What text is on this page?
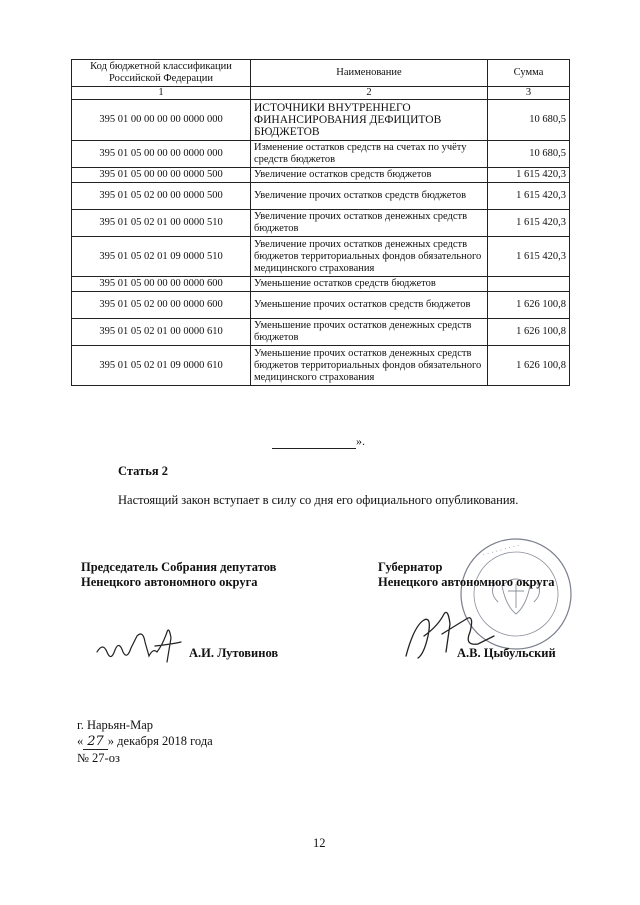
Код бюджетной классификации Российской Федерации	Наименование	Сумма
1	2	3
395 01 00 00 00 00 0000 000	ИСТОЧНИКИ ВНУТРЕННЕГО ФИНАНСИРОВАНИЯ ДЕФИЦИТОВ БЮДЖЕТОВ	10 680,5
395 01 05 00 00 00 0000 000	Изменение остатков средств на счетах по учёту средств бюджетов	10 680,5
395 01 05 00 00 00 0000 500	Увеличение остатков средств бюджетов	1 615 420,3
395 01 05 02 00 00 0000 500	Увеличение прочих остатков средств бюджетов	1 615 420,3
395 01 05 02 01 00 0000 510	Увеличение прочих остатков денежных средств бюджетов	1 615 420,3
395 01 05 02 01 09 0000 510	Увеличение прочих остатков денежных средств бюджетов территориальных фондов обязательного медицинского страхования	1 615 420,3
395 01 05 00 00 00 0000 600	Уменьшение остатков средств бюджетов	
395 01 05 02 00 00 0000 600	Уменьшение прочих остатков средств бюджетов	1 626 100,8
395 01 05 02 01 00 0000 610	Уменьшение прочих остатков денежных средств бюджетов	1 626 100,8
395 01 05 02 01 09 0000 610	Уменьшение прочих остатков денежных средств бюджетов территориальных фондов обязательного медицинского страхования	1 626 100,8
».
Статья 2
Настоящий закон вступает в силу со дня его официального опубликования.
Председатель Собрания депутатов
Ненецкого автономного округа
· · · · · · · · ·
Губернатор
Ненецкого автономного округа
А.И. Лутовинов	А.В. Цыбульский
г. Нарьян-Мар
« 27 » декабря 2018 года
№ 27-оз
12
